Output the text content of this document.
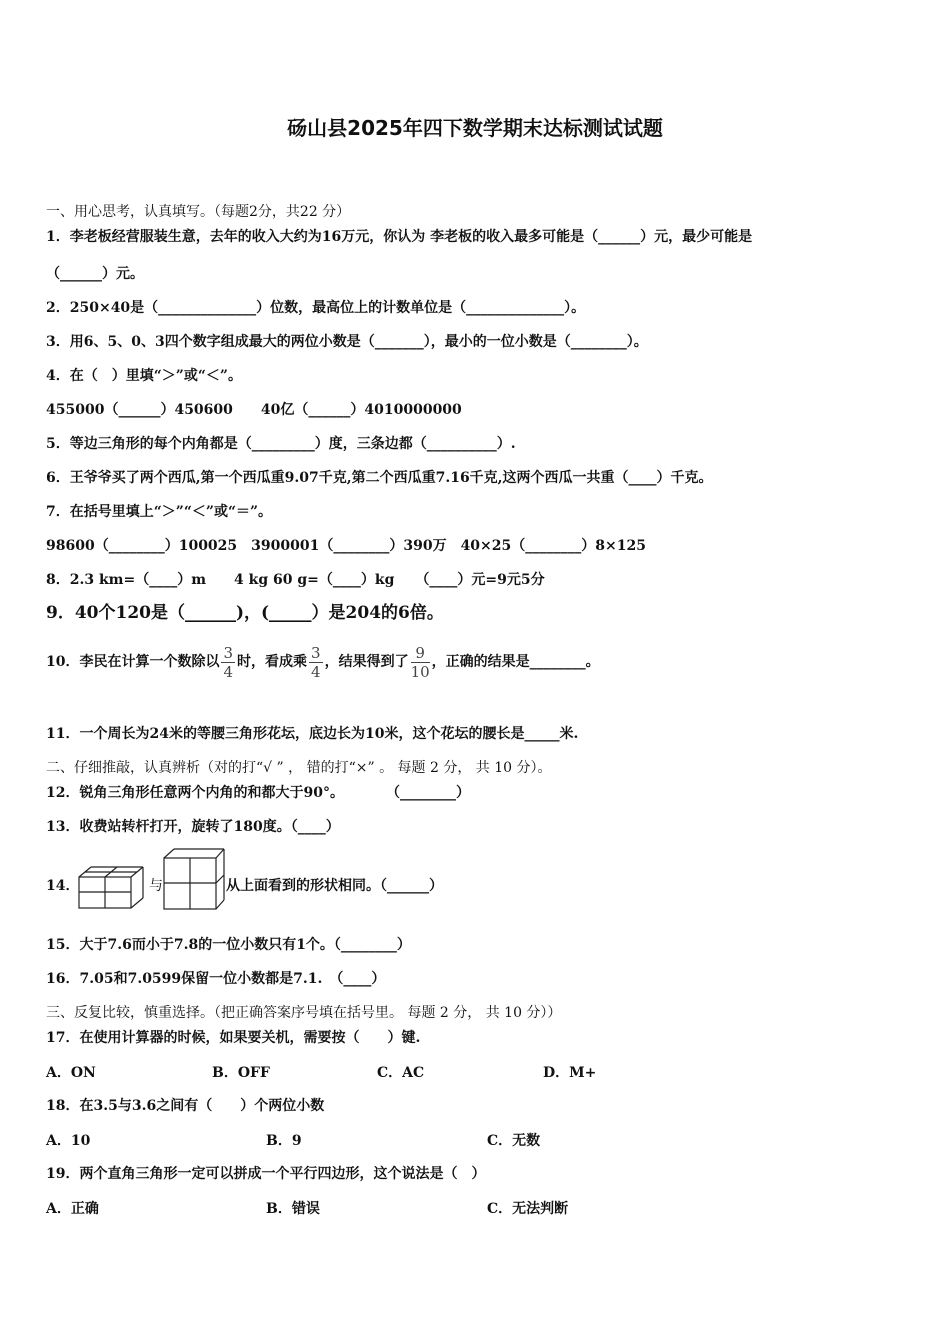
砀山县2025年四下数学期末达标测试试题
一、用心思考，认真填写。（每题2分，共22 分）
1．李老板经营服装生意，去年的收入大约为16万元，你认为 李老板的收入最多可能是（______）元，最少可能是
（______）元。
2．250×40是（______________）位数，最高位上的计数单位是（______________）。
3．用6、5、0、3四个数字组成最大的两位小数是（_______），最小的一位小数是（________）。
4．在（　）里填“＞”或“＜”。
455000（______）450600　　40亿（______）4010000000
5．等边三角形的每个内角都是（_________）度，三条边都（__________）.
6．王爷爷买了两个西瓜,第一个西瓜重9.07千克,第二个西瓜重7.16千克,这两个西瓜一共重（____）千克。
7．在括号里填上“＞”“＜”或“＝”。
98600（________）100025　3900001（________）390万　40×25（________）8×125
8．2.3 km=（____）m　　4 kg 60 g=（____）kg　　（____）元=9元5分
9．40个120是（______)，(_____）是204的6倍。
10．李民在计算一个数除以 $\frac{3}{4}$ 时，看成乘 $\frac{3}{4}$ ，结果得到了 $\frac{9}{10}$ ，正确的结果是________。
11．一个周长为24米的等腰三角形花坛，底边长为10米，这个花坛的腰长是_____米.
二、仔细推敲，认真辨析（对的打“√ ” ， 错的打“×” 。 每题 2 分， 共 10 分）。
12．锐角三角形任意两个内角的和都大于90°。　　　　（________）
13．收费站转杆打开，旋转了180度。（____）
14．	与	从上面看到的形状相同。（______）
15．大于7.6而小于7.8的一位小数只有1个。（________）
16．7.05和7.0599保留一位小数都是7.1.　（____）
三、反复比较，慎重选择。（把正确答案序号填在括号里。 每题 2 分， 共 10 分））
17．在使用计算器的时候，如果要关机，需要按（　　）键.
A．ON	B．OFF	C．AC	D．M+
18．在3.5与3.6之间有（　　）个两位小数
A．10	B．9	C．无数
19．两个直角三角形一定可以拼成一个平行四边形，这个说法是（　）
A．正确	B．错误	C．无法判断
